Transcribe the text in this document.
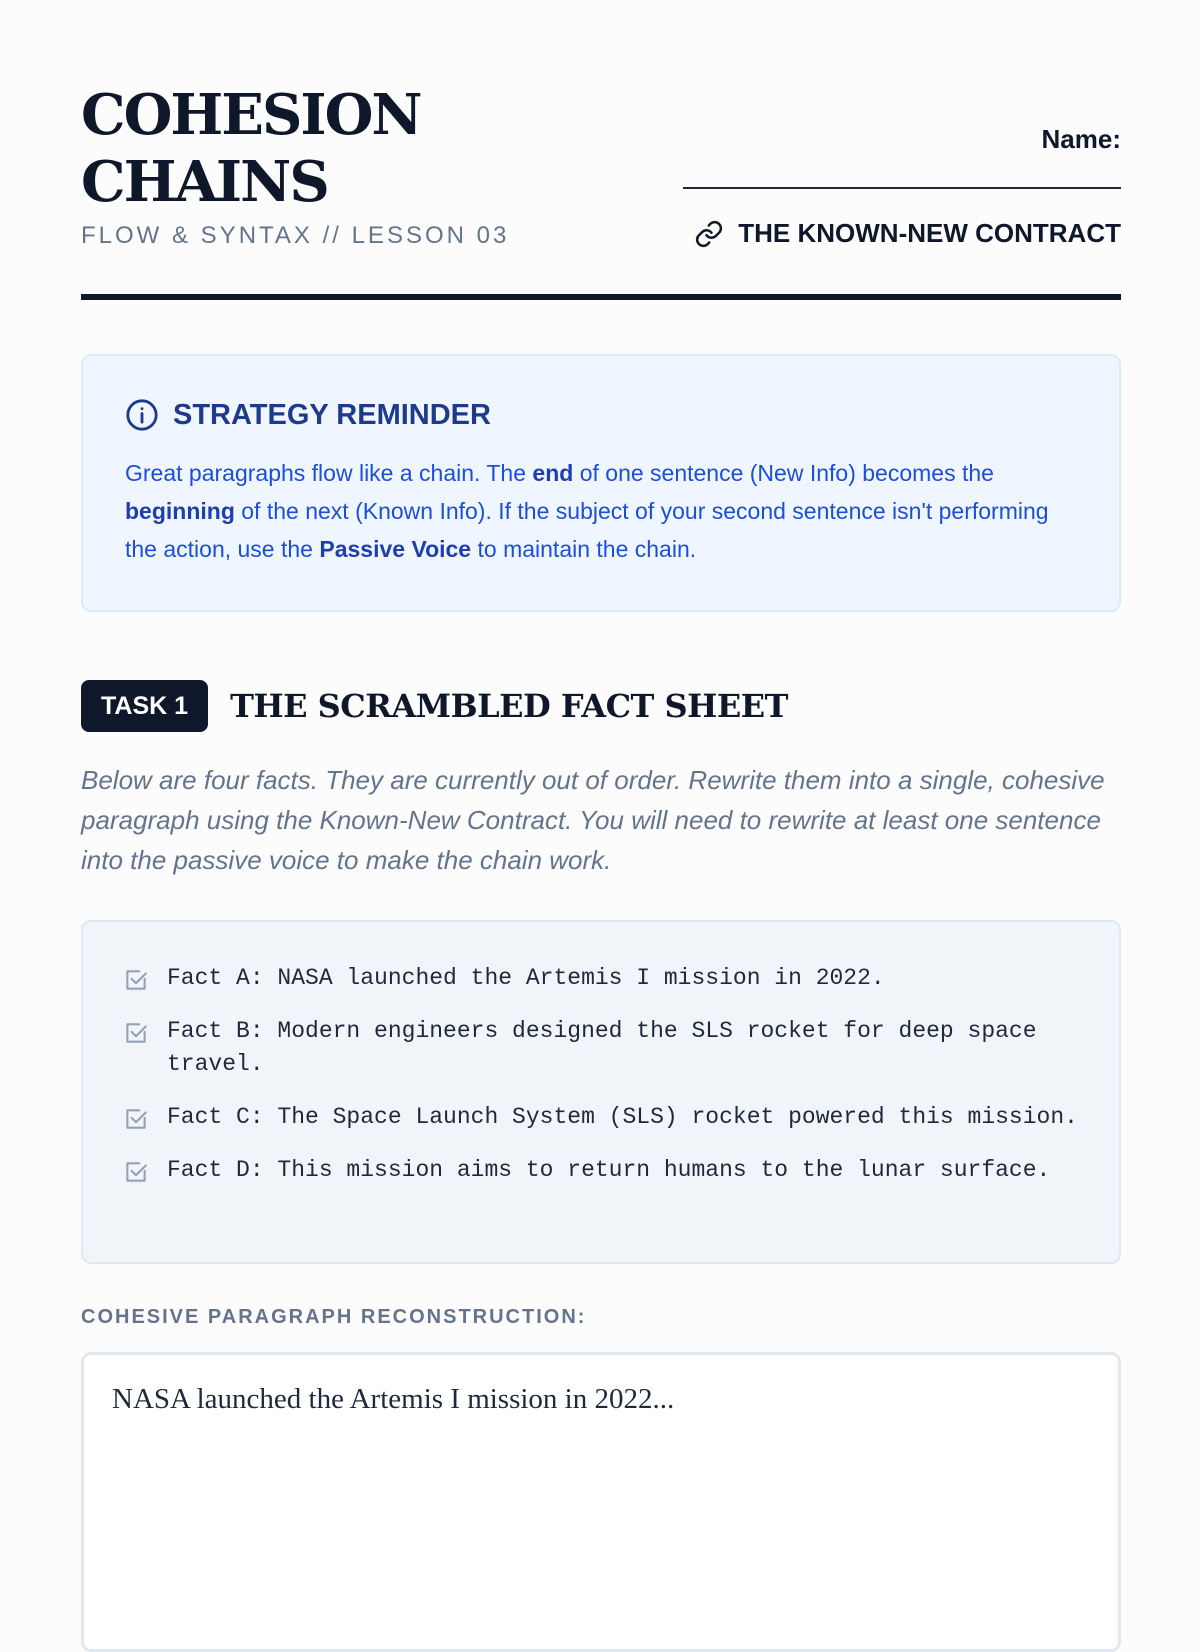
COHESION
CHAINS
FLOW & SYNTAX // LESSON 03
Name:
THE KNOWN-NEW CONTRACT
STRATEGY REMINDER

Great paragraphs flow like a chain. The end of one sentence (New Info) becomes the beginning of the next (Known Info). If the subject of your second sentence isn't performing the action, use the Passive Voice to maintain the chain.

TASK 1	THE SCRAMBLED FACT SHEET

Below are four facts. They are currently out of order. Rewrite them into a single, cohesive paragraph using the Known-New Contract. You will need to rewrite at least one sentence into the passive voice to make the chain work.

Fact A: NASA launched the Artemis I mission in 2022.
Fact B: Modern engineers designed the SLS rocket for deep space travel.
Fact C: The Space Launch System (SLS) rocket powered this mission.
Fact D: This mission aims to return humans to the lunar surface.
COHESIVE PARAGRAPH RECONSTRUCTION:
NASA launched the Artemis I mission in 2022...
